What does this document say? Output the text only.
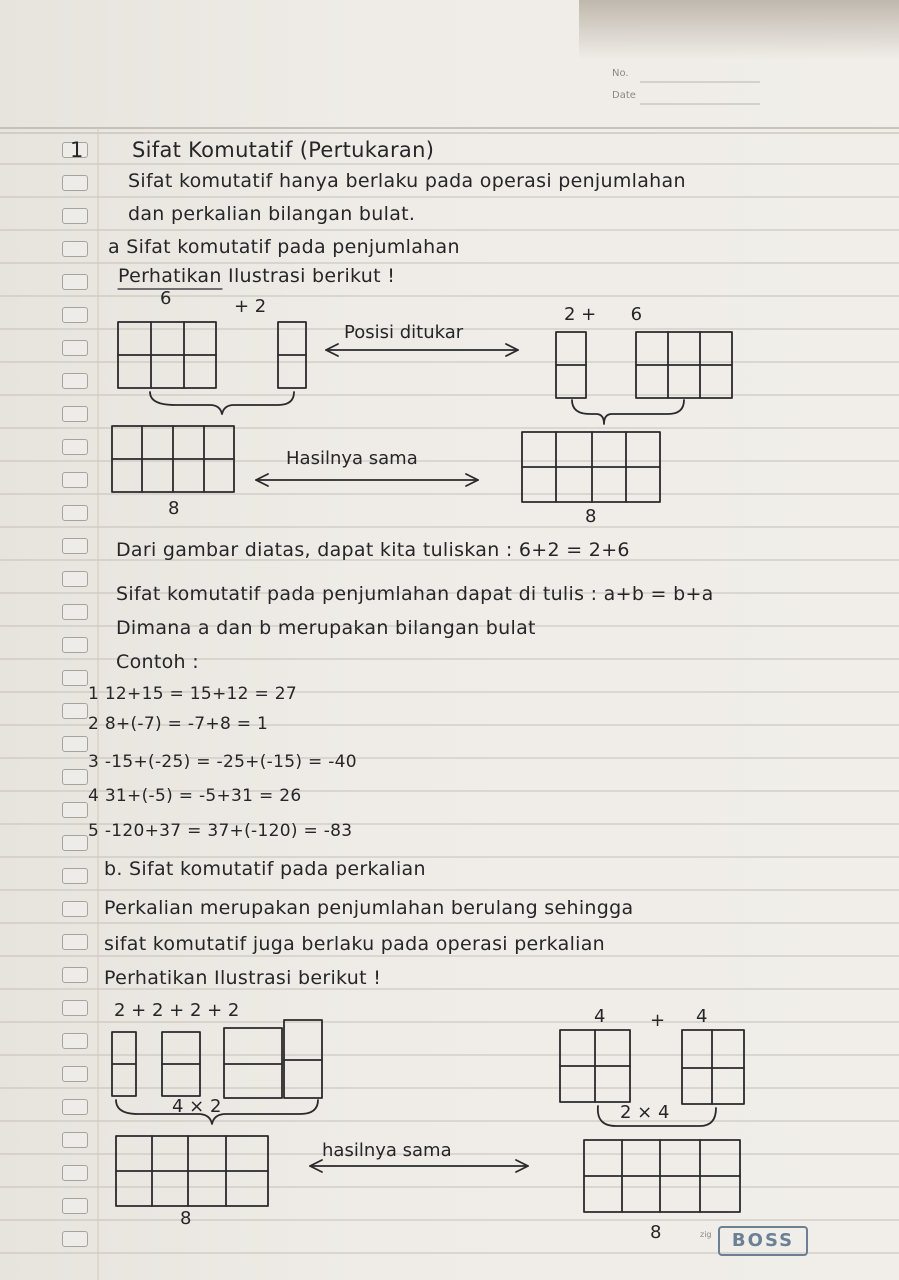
No.
Date
1 Sifat Komutatif (Pertukaran)
Sifat komutatif hanya berlaku pada operasi penjumlahan
dan perkalian bilangan bulat.
a Sifat komutatif pada penjumlahan
Perhatikan Ilustrasi berikut !
6	+ 2
Posisi ditukar
2 +      6
Hasilnya sama
8	8
Dari gambar diatas, dapat kita tuliskan : 6+2 = 2+6
Sifat komutatif pada penjumlahan dapat di tulis : a+b = b+a
Dimana a dan b merupakan bilangan bulat
Contoh :
1 12+15 = 15+12 = 27
2 8+(-7) = -7+8 = 1
3 -15+(-25) = -25+(-15) = -40
4 31+(-5) = -5+31 = 26
5 -120+37 = 37+(-120) = -83
b. Sifat komutatif pada perkalian
Perkalian merupakan penjumlahan berulang sehingga
sifat komutatif juga berlaku pada operasi perkalian
Perhatikan Ilustrasi berikut !
2 + 2 + 2 + 2
4 × 2
4 + 4
2 × 4
hasilnya sama
8
8	zig	BOSS
